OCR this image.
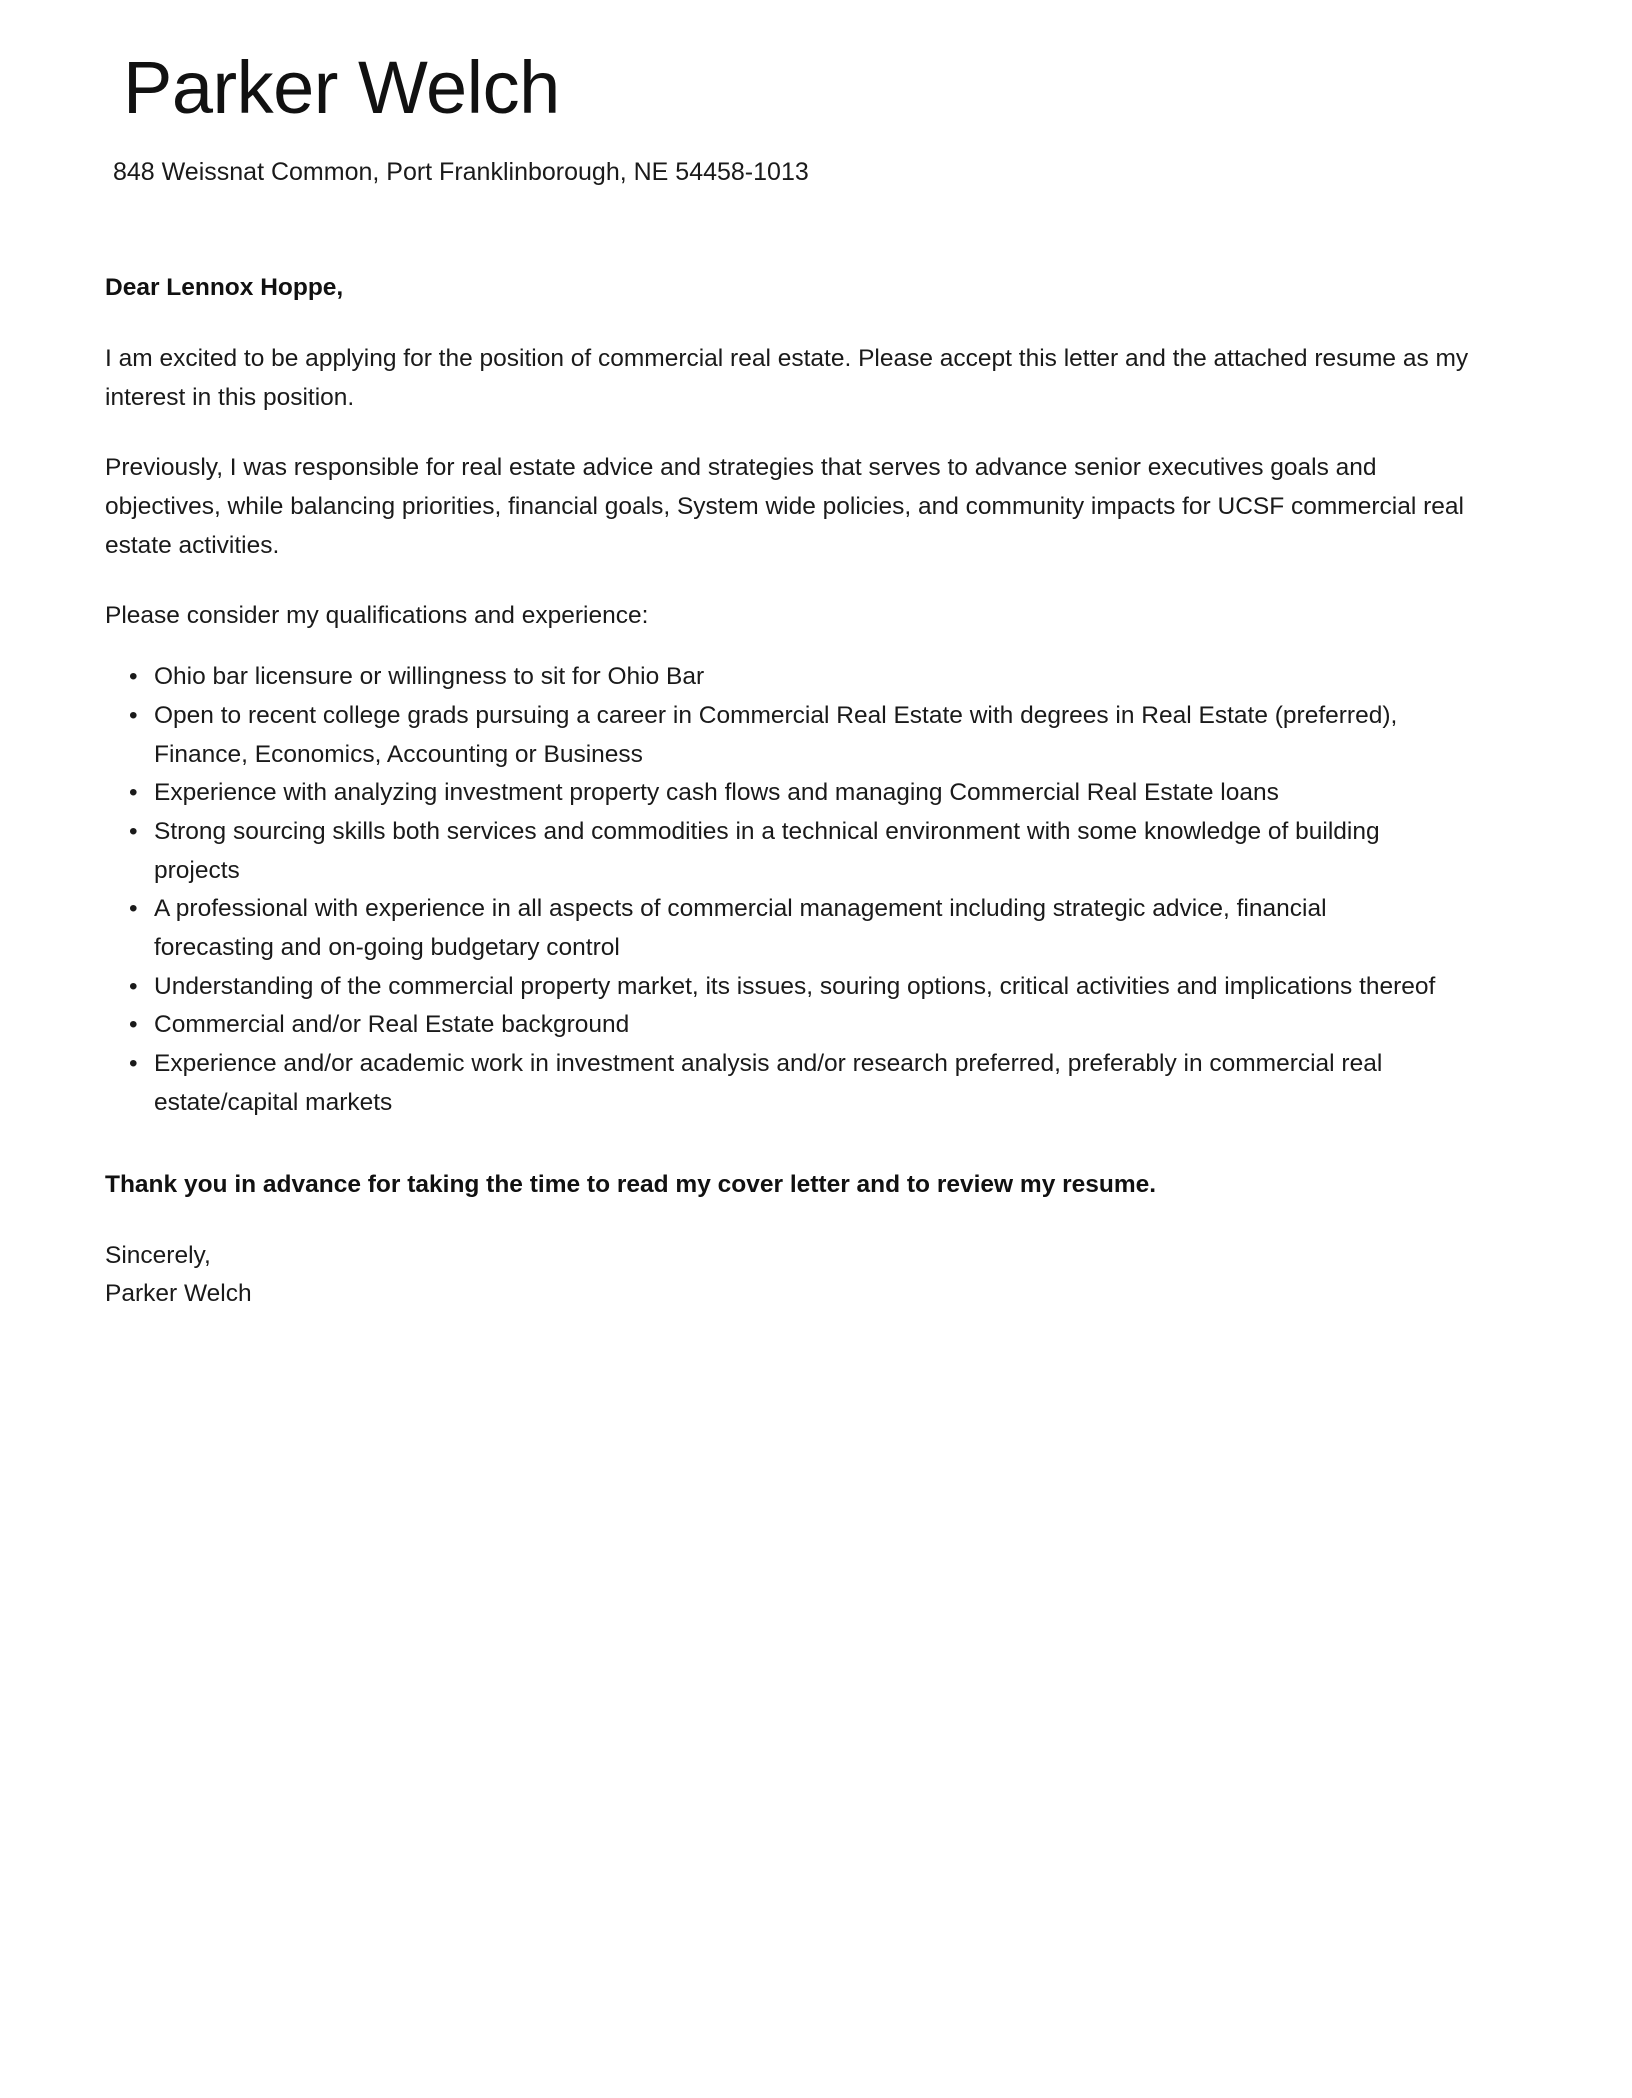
Parker Welch
848 Weissnat Common, Port Franklinborough, NE 54458-1013
Dear Lennox Hoppe,

I am excited to be applying for the position of commercial real estate. Please accept this letter and the attached resume as my interest in this position.

Previously, I was responsible for real estate advice and strategies that serves to advance senior executives goals and objectives, while balancing priorities, financial goals, System wide policies, and community impacts for UCSF commercial real estate activities.

Please consider my qualifications and experience:

• Ohio bar licensure or willingness to sit for Ohio Bar
• Open to recent college grads pursuing a career in Commercial Real Estate with degrees in Real Estate (preferred), Finance, Economics, Accounting or Business
• Experience with analyzing investment property cash flows and managing Commercial Real Estate loans
• Strong sourcing skills both services and commodities in a technical environment with some knowledge of building projects
• A professional with experience in all aspects of commercial management including strategic advice, financial forecasting and on-going budgetary control
• Understanding of the commercial property market, its issues, souring options, critical activities and implications thereof
• Commercial and/or Real Estate background
• Experience and/or academic work in investment analysis and/or research preferred, preferably in commercial real estate/capital markets
Thank you in advance for taking the time to read my cover letter and to review my resume.
Sincerely,
Parker Welch
